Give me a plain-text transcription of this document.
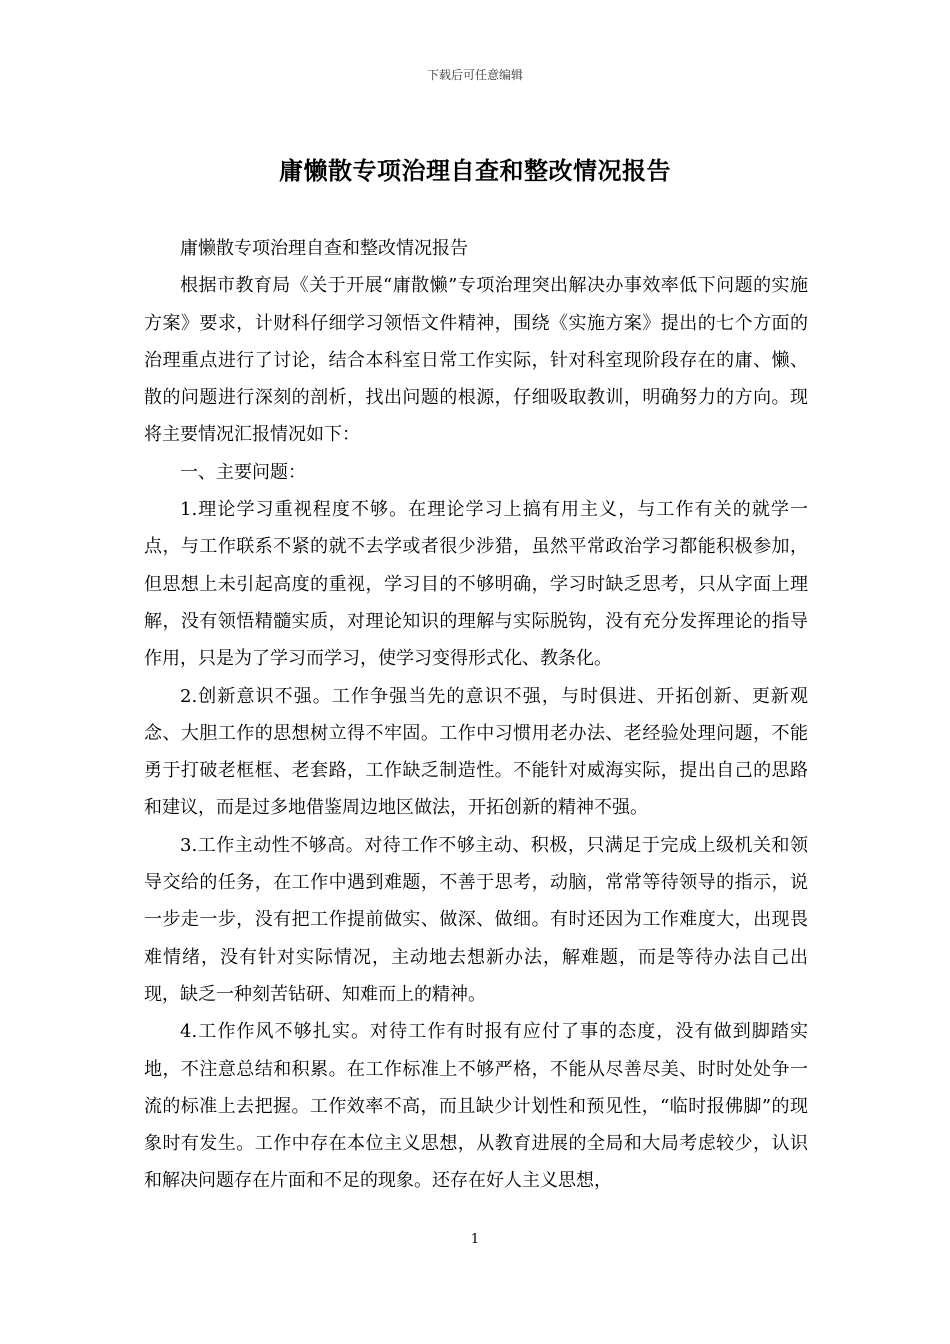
下载后可任意编辑
庸懒散专项治理自查和整改情况报告

庸懒散专项治理自查和整改情况报告

根据市教育局《关于开展“庸散懒”专项治理突出解决办事效率低下问题的实施方案》要求，计财科仔细学习领悟文件精神，围绕《实施方案》提出的七个方面的治理重点进行了讨论，结合本科室日常工作实际，针对科室现阶段存在的庸、懒、散的问题进行深刻的剖析，找出问题的根源，仔细吸取教训，明确努力的方向。现将主要情况汇报情况如下：

一、主要问题：

1.理论学习重视程度不够。在理论学习上搞有用主义，与工作有关的就学一点，与工作联系不紧的就不去学或者很少涉猎，虽然平常政治学习都能积极参加，但思想上未引起高度的重视，学习目的不够明确，学习时缺乏思考，只从字面上理解，没有领悟精髓实质，对理论知识的理解与实际脱钩，没有充分发挥理论的指导作用，只是为了学习而学习，使学习变得形式化、教条化。

2.创新意识不强。工作争强当先的意识不强，与时俱进、开拓创新、更新观念、大胆工作的思想树立得不牢固。工作中习惯用老办法、老经验处理问题，不能勇于打破老框框、老套路，工作缺乏制造性。不能针对威海实际，提出自己的思路和建议，而是过多地借鉴周边地区做法，开拓创新的精神不强。

3.工作主动性不够高。对待工作不够主动、积极，只满足于完成上级机关和领导交给的任务，在工作中遇到难题，不善于思考，动脑，常常等待领导的指示，说一步走一步，没有把工作提前做实、做深、做细。有时还因为工作难度大，出现畏难情绪，没有针对实际情况，主动地去想新办法，解难题，而是等待办法自己出现，缺乏一种刻苦钻研、知难而上的精神。

4.工作作风不够扎实。对待工作有时报有应付了事的态度，没有做到脚踏实地，不注意总结和积累。在工作标准上不够严格，不能从尽善尽美、时时处处争一流的标准上去把握。工作效率不高，而且缺少计划性和预见性，“临时报佛脚”的现象时有发生。工作中存在本位主义思想，从教育进展的全局和大局考虑较少，认识和解决问题存在片面和不足的现象。还存在好人主义思想，

1
